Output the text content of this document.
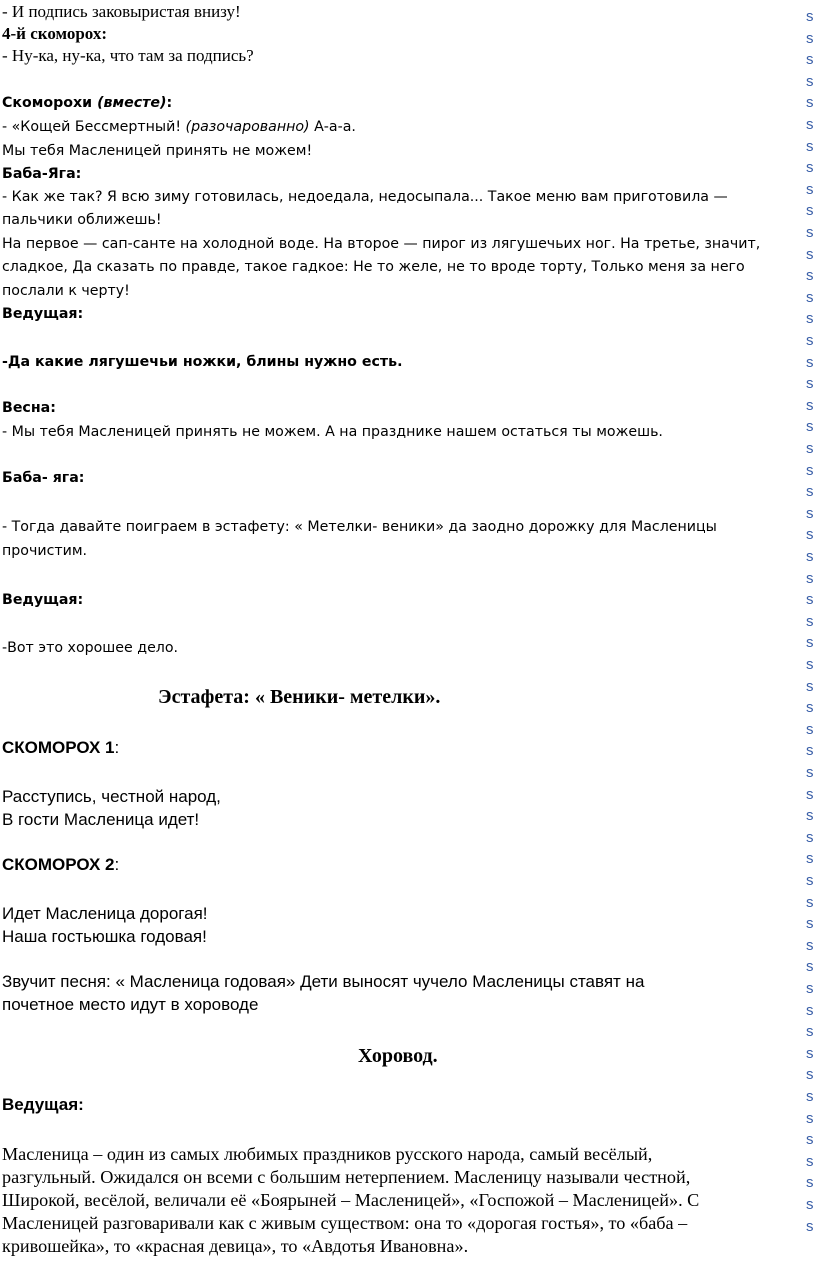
- И подпись заковыристая внизу!
4-й скоморох:
- Ну-ка, ну-ка, что там за подпись?
Скоморохи (вместе):
- «Кощей Бессмертный! (разочарованно) А-а-а.
Мы тебя Масленицей принять не можем!
Баба-Яга:
- Как же так? Я всю зиму готовилась, недоедала, недосыпала... Такое меню вам приготовила —
пальчики оближешь!
На первое — сап-санте на холодной воде. На второе — пирог из лягушечьих ног. На третье, значит,
сладкое, Да сказать по правде, такое гадкое: Не то желе, не то вроде торту, Только меня за него
послали к черту!
Ведущая:
-Да какие лягушечьи ножки, блины нужно есть.
Весна:
- Мы тебя Масленицей принять не можем. А на празднике нашем остаться ты можешь.
Баба- яга:
- Тогда давайте поиграем в эстафету: « Метелки- веники» да заодно дорожку для Масленицы
прочистим.
Ведущая:
-Вот это хорошее дело.
Эстафета: « Веники- метелки».
СКОМОРОХ 1:
Расступись, честной народ,
В гости Масленица идет!
СКОМОРОХ 2:
Идет Масленица дорогая!
Наша гостьюшка годовая!
Звучит песня: « Масленица годовая» Дети выносят чучело Масленицы ставят на
почетное место идут в хороводе
Хоровод.
Ведущая:
Масленица – один из самых любимых праздников русского народа, самый весёлый,
разгульный. Ожидался он всеми с большим нетерпением. Масленицу называли честной,
Широкой, весёлой, величали её «Боярыней – Масленицей», «Госпожой – Масленицей». С
Масленицей разговаривали как с живым существом: она то «дорогая гостья», то «баба –
кривошейка», то «красная девица», то «Авдотья Ивановна».
s
s
s
s
s
s
s
s
s
s
s
s
s
s
s
s
s
s
s
s
s
s
s
s
s
s
s
s
s
s
s
s
s
s
s
s
s
s
s
s
s
s
s
s
s
s
s
s
s
s
s
s
s
s
s
s
s
